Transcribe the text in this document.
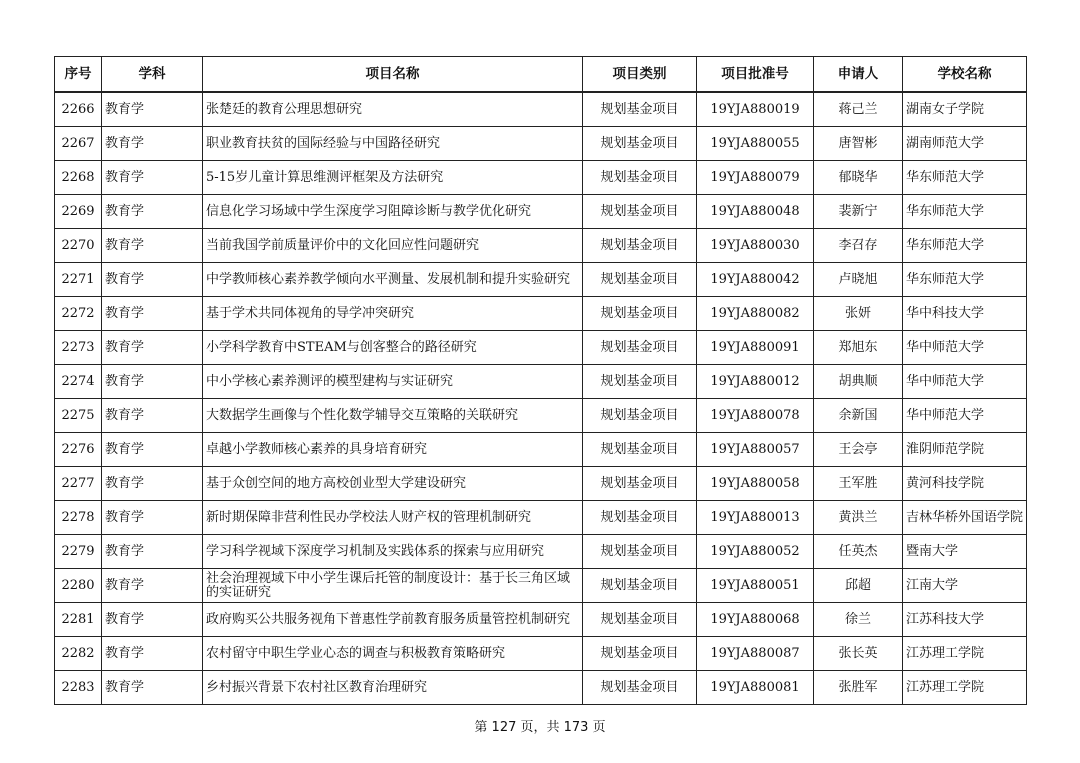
序号	学科	项目名称	项目类别	项目批准号	申请人	学校名称
2266	教育学	张楚廷的教育公理思想研究	规划基金项目	19YJA880019	蒋己兰	湖南女子学院
2267	教育学	职业教育扶贫的国际经验与中国路径研究	规划基金项目	19YJA880055	唐智彬	湖南师范大学
2268	教育学	5-15岁儿童计算思维测评框架及方法研究	规划基金项目	19YJA880079	郁晓华	华东师范大学
2269	教育学	信息化学习场域中学生深度学习阻障诊断与教学优化研究	规划基金项目	19YJA880048	裴新宁	华东师范大学
2270	教育学	当前我国学前质量评价中的文化回应性问题研究	规划基金项目	19YJA880030	李召存	华东师范大学
2271	教育学	中学教师核心素养教学倾向水平测量、发展机制和提升实验研究	规划基金项目	19YJA880042	卢晓旭	华东师范大学
2272	教育学	基于学术共同体视角的导学冲突研究	规划基金项目	19YJA880082	张妍	华中科技大学
2273	教育学	小学科学教育中STEAM与创客整合的路径研究	规划基金项目	19YJA880091	郑旭东	华中师范大学
2274	教育学	中小学核心素养测评的模型建构与实证研究	规划基金项目	19YJA880012	胡典顺	华中师范大学
2275	教育学	大数据学生画像与个性化数学辅导交互策略的关联研究	规划基金项目	19YJA880078	余新国	华中师范大学
2276	教育学	卓越小学教师核心素养的具身培育研究	规划基金项目	19YJA880057	王会亭	淮阴师范学院
2277	教育学	基于众创空间的地方高校创业型大学建设研究	规划基金项目	19YJA880058	王军胜	黄河科技学院
2278	教育学	新时期保障非营利性民办学校法人财产权的管理机制研究	规划基金项目	19YJA880013	黄洪兰	吉林华桥外国语学院
2279	教育学	学习科学视域下深度学习机制及实践体系的探索与应用研究	规划基金项目	19YJA880052	任英杰	暨南大学
2280	教育学	社会治理视域下中小学生课后托管的制度设计：基于长三角区域的实证研究	规划基金项目	19YJA880051	邱超	江南大学
2281	教育学	政府购买公共服务视角下普惠性学前教育服务质量管控机制研究	规划基金项目	19YJA880068	徐兰	江苏科技大学
2282	教育学	农村留守中职生学业心态的调查与积极教育策略研究	规划基金项目	19YJA880087	张长英	江苏理工学院
2283	教育学	乡村振兴背景下农村社区教育治理研究	规划基金项目	19YJA880081	张胜军	江苏理工学院
第 127 页，共 173 页
